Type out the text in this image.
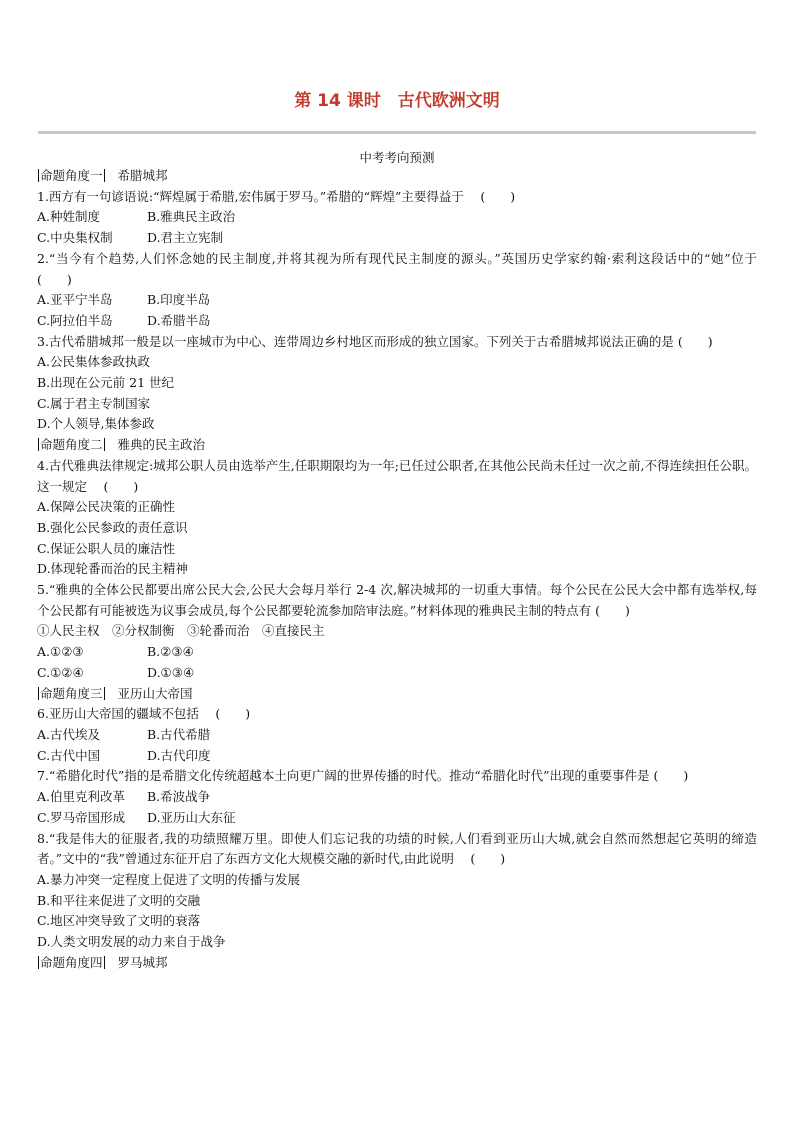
第 14 课时　古代欧洲文明
中考考向预测
命题角度一 希腊城邦
1.西方有一句谚语说:“辉煌属于希腊,宏伟属于罗马。”希腊的“辉煌”主要得益于　 (　　)
A.种姓制度	B.雅典民主政治
C.中央集权制	D.君主立宪制
2.“当今有个趋势,人们怀念她的民主制度,并将其视为所有现代民主制度的源头。”英国历史学家约翰·索利这段话中的“她”位于　 (　　)
A.亚平宁半岛	B.印度半岛
C.阿拉伯半岛	D.希腊半岛
3.古代希腊城邦一般是以一座城市为中心、连带周边乡村地区而形成的独立国家。下列关于古希腊城邦说法正确的是 (　　)
A.公民集体参政执政
B.出现在公元前 21 世纪
C.属于君主专制国家
D.个人领导,集体参政
命题角度二 雅典的民主政治
4.古代雅典法律规定:城邦公职人员由选举产生,任职期限均为一年;已任过公职者,在其他公民尚未任过一次之前,不得连续担任公职。这一规定　 (　　)
A.保障公民决策的正确性
B.强化公民参政的责任意识
C.保证公职人员的廉洁性
D.体现轮番而治的民主精神
5.“雅典的全体公民都要出席公民大会,公民大会每月举行 2-4 次,解决城邦的一切重大事情。每个公民在公民大会中都有选举权,每个公民都有可能被选为议事会成员,每个公民都要轮流参加陪审法庭。”材料体现的雅典民主制的特点有 (　　)
①人民主权　②分权制衡　③轮番而治　④直接民主
A.①②③	B.②③④
C.①②④	D.①③④
命题角度三 亚历山大帝国
6.亚历山大帝国的疆域不包括　 (　　)
A.古代埃及	B.古代希腊
C.古代中国	D.古代印度
7.“希腊化时代”指的是希腊文化传统超越本土向更广阔的世界传播的时代。推动“希腊化时代”出现的重要事件是 (　　)
A.伯里克利改革 B.希波战争
C.罗马帝国形成 D.亚历山大东征
8.“我是伟大的征服者,我的功绩照耀万里。即使人们忘记我的功绩的时候,人们看到亚历山大城,就会自然而然想起它英明的缔造者。”文中的“我”曾通过东征开启了东西方文化大规模交融的新时代,由此说明　 (　　)
A.暴力冲突一定程度上促进了文明的传播与发展
B.和平往来促进了文明的交融
C.地区冲突导致了文明的衰落
D.人类文明发展的动力来自于战争
命题角度四 罗马城邦
